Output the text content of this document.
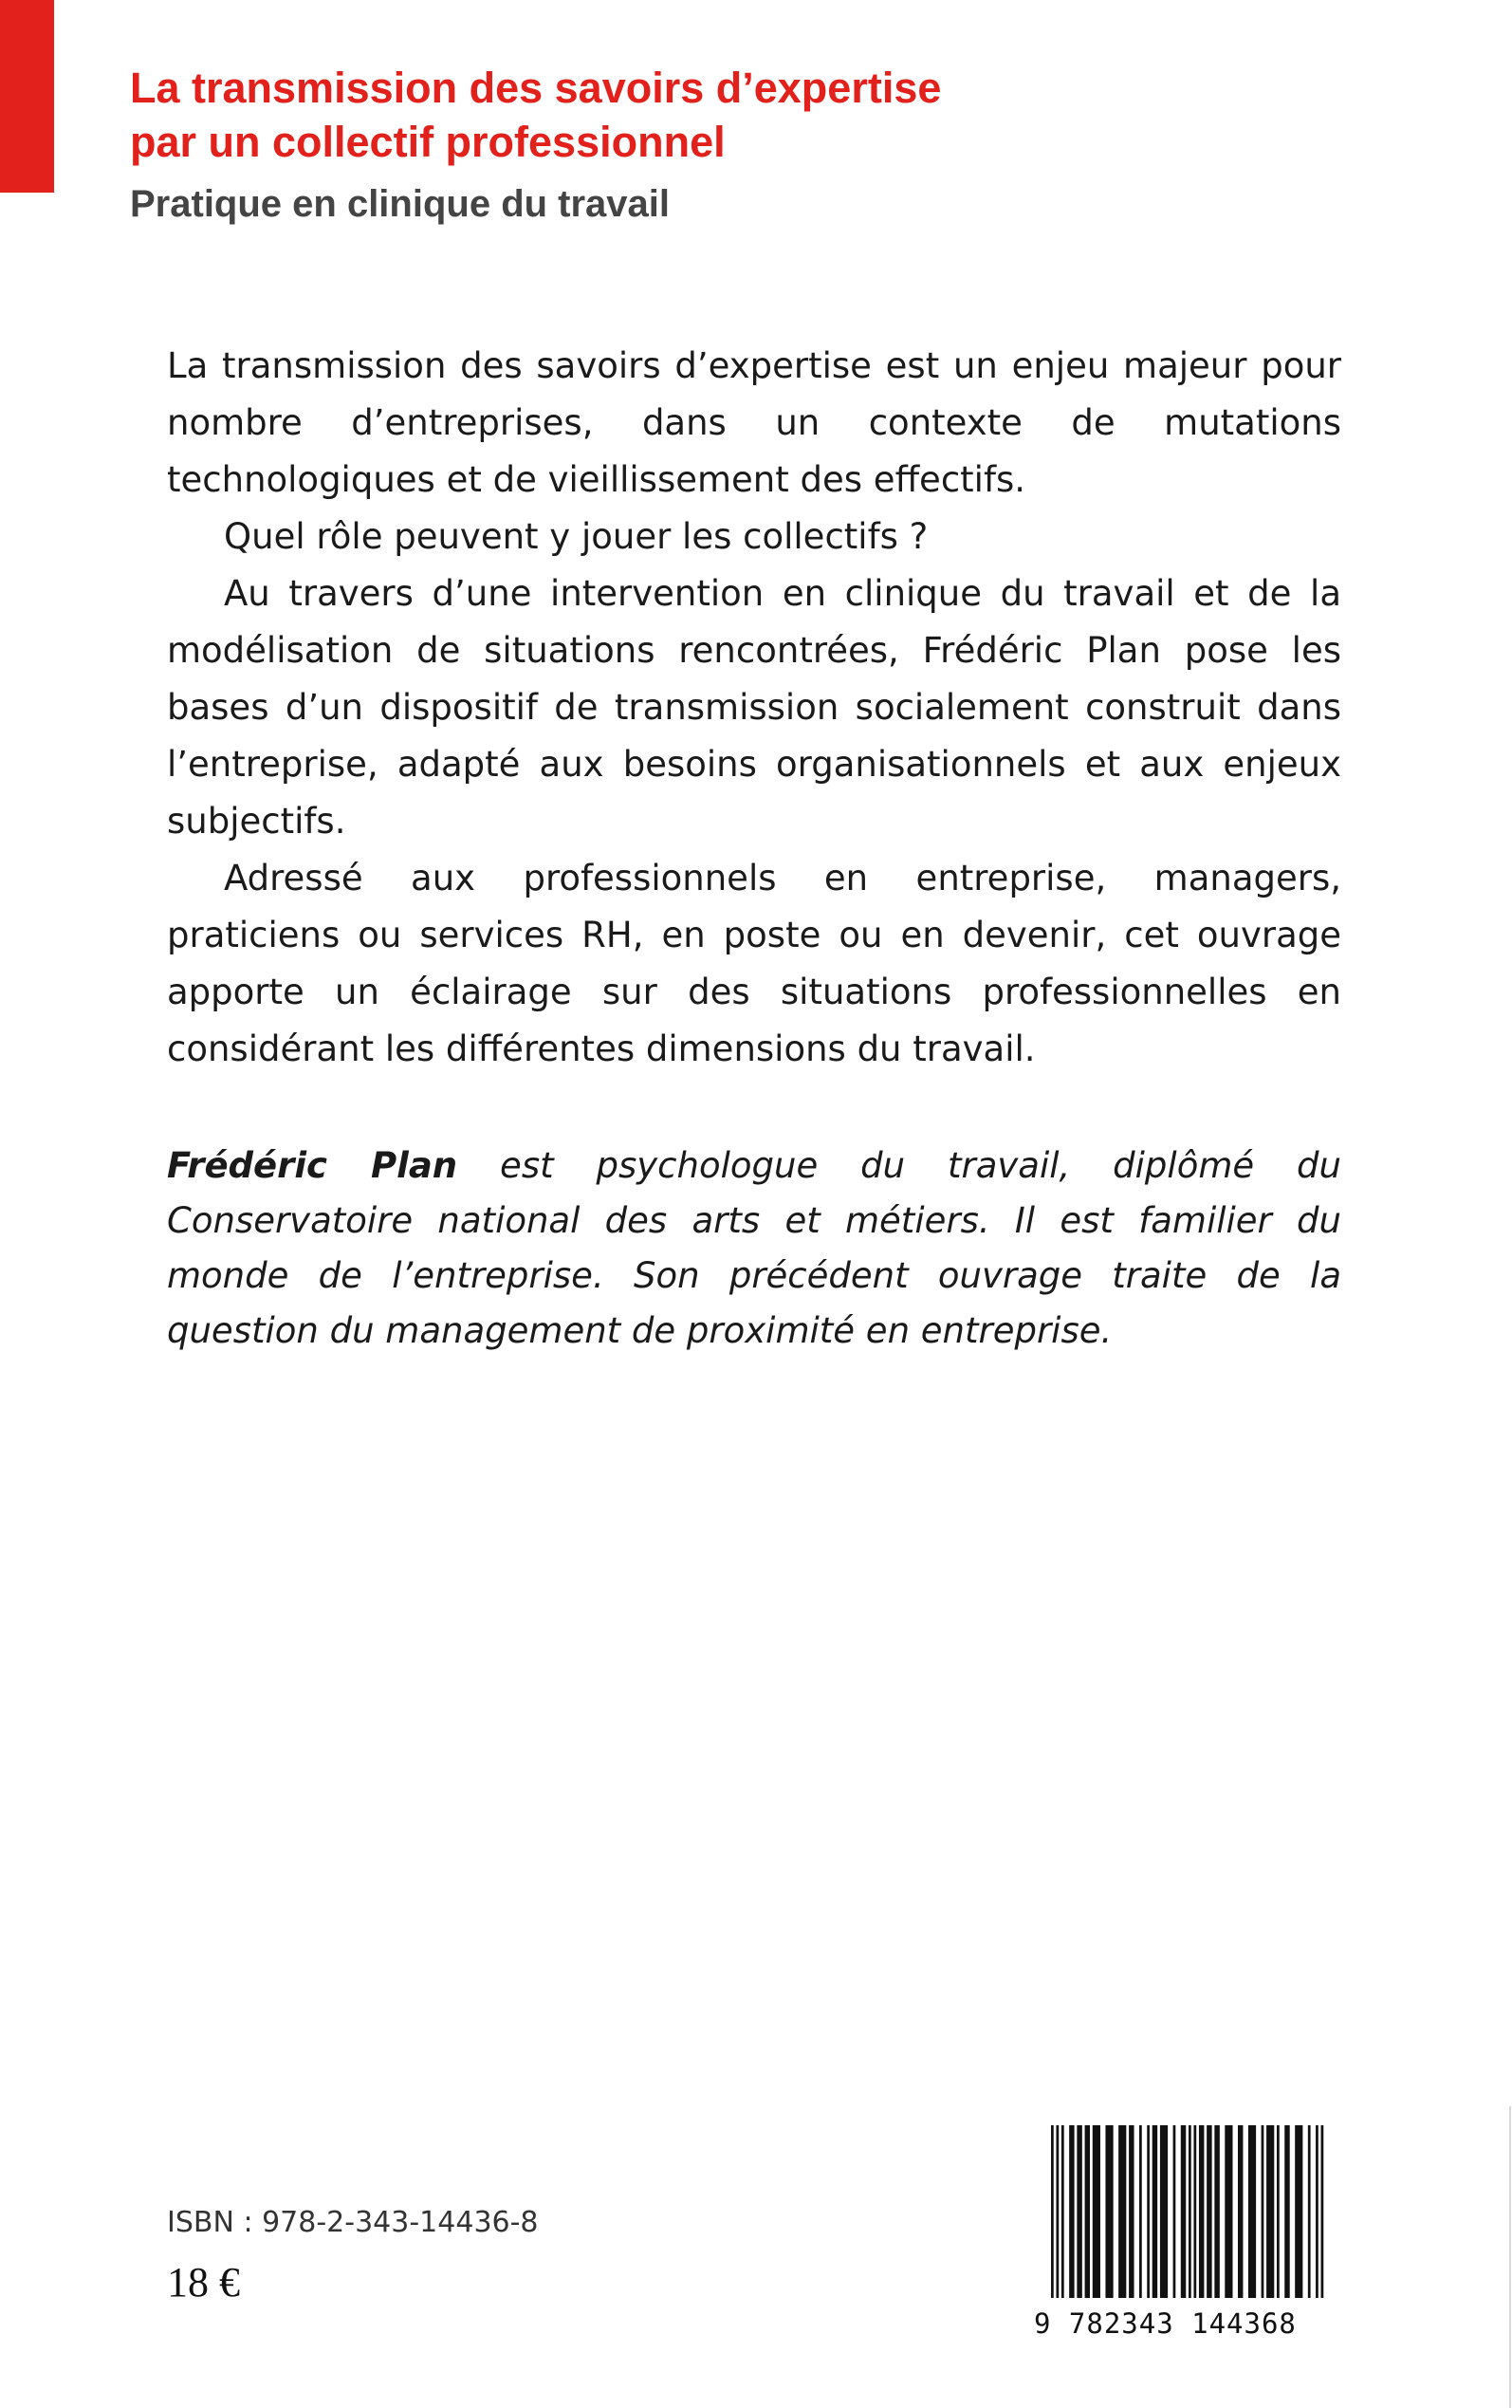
La transmission des savoirs d’expertise
par un collectif professionnel
Pratique en clinique du travail

La transmission des savoirs d’expertise est un enjeu majeur pour nombre d’entreprises, dans un contexte de mutations technologiques et de vieillissement des effectifs.

Quel rôle peuvent y jouer les collectifs ?

Au travers d’une intervention en clinique du travail et de la modélisation de situations rencontrées, Frédéric Plan pose les bases d’un dispositif de transmission socialement construit dans l’entreprise, adapté aux besoins organisationnels et aux enjeux subjectifs.

Adressé aux professionnels en entreprise, managers, praticiens ou services RH, en poste ou en devenir, cet ouvrage apporte un éclairage sur des situations professionnelles en considérant les différentes dimensions du travail.

Frédéric Plan est psychologue du travail, diplômé du Conservatoire national des arts et métiers. Il est familier du monde de l’entreprise. Son précédent ouvrage traite de la question du management de proximité en entreprise.

ISBN : 978-2-343-14436-8
18 €
9 782343 144368
